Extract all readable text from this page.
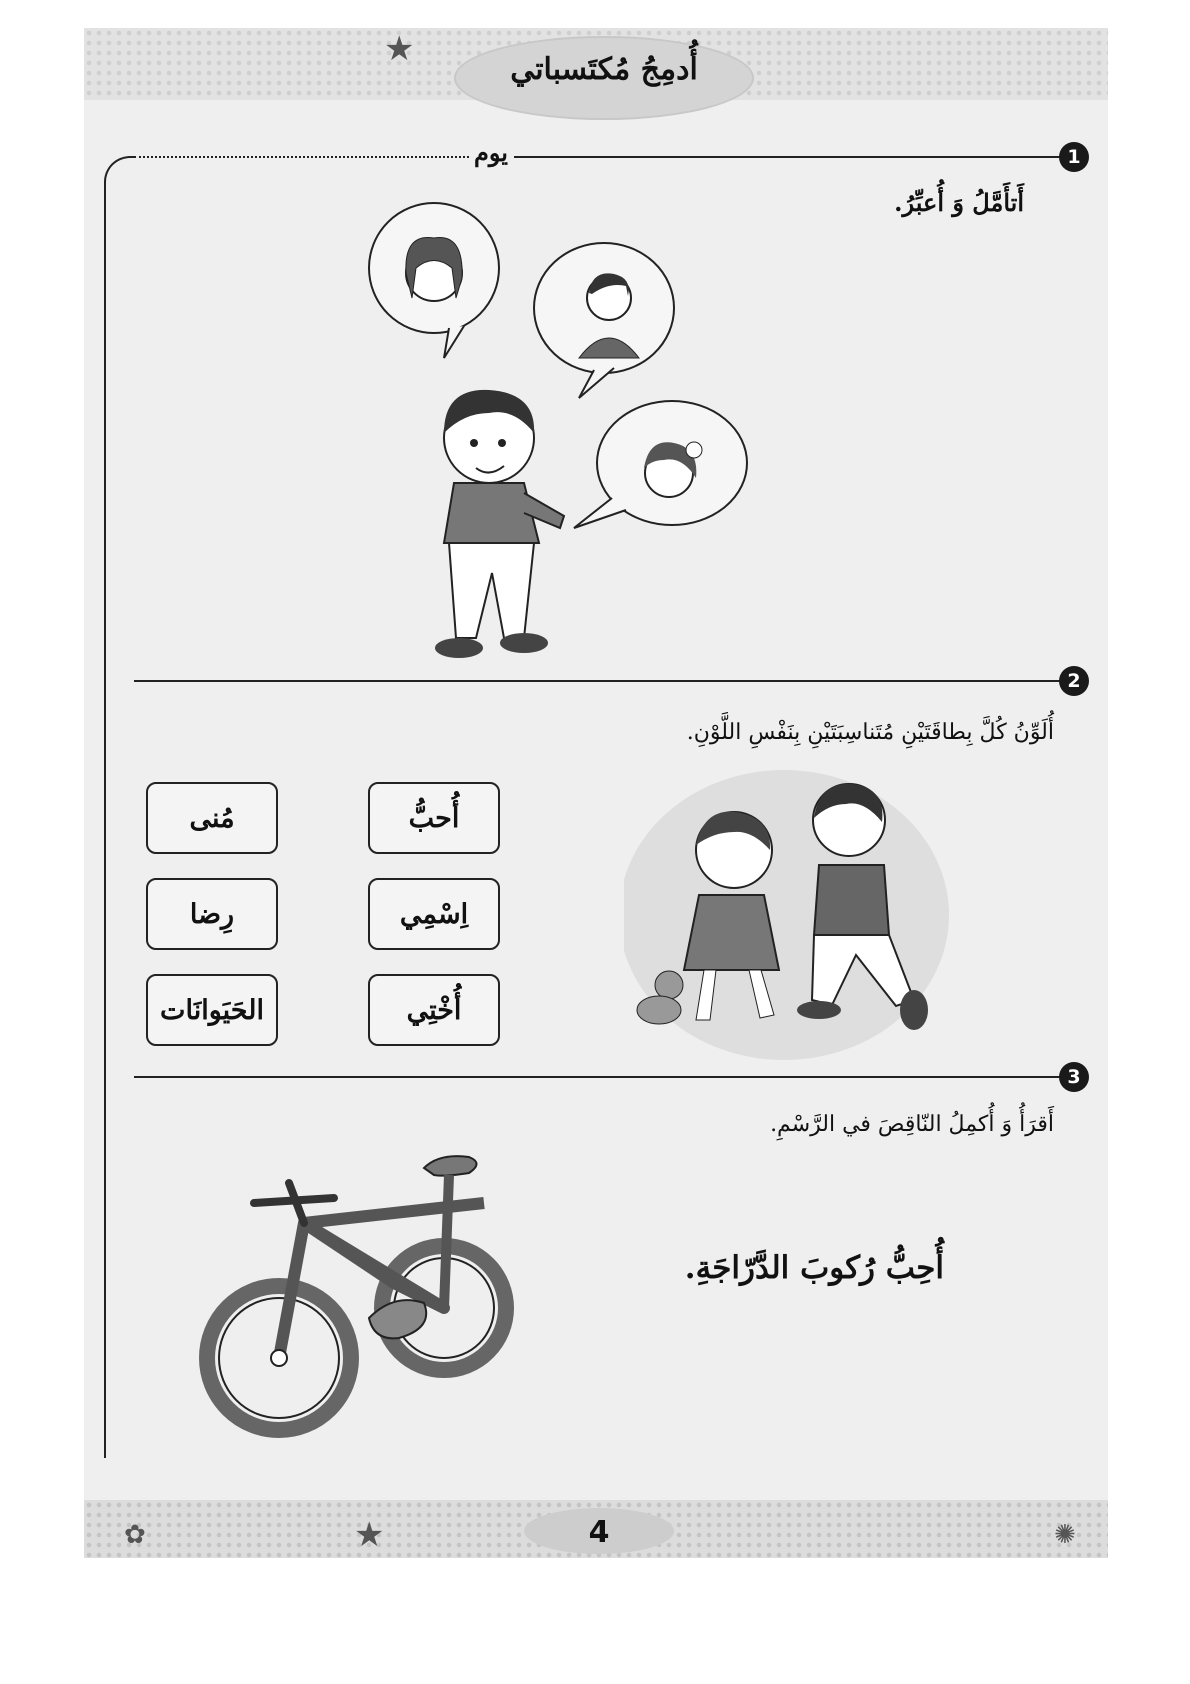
★
أُدمِجُ مُكتَسباتي
1
يوم
أَتأَمَّلُ وَ أُعبِّرُ.
2
أُلَوِّنُ كُلَّ بِطاقَتَيْنِ مُتَناسِبَتَيْنِ بِنَفْسِ اللَّوْنِ.
أُحبُّ
اِسْمِي
أُخْتِي
مُنى
رِضا
الحَيَوانَات
3
أَقرَأُ وَ أُكمِلُ النّاقِصَ في الرَّسْمِ.
أُحِبُّ رُكوبَ الدَّرّاجَةِ.
★
✿	✺
4
